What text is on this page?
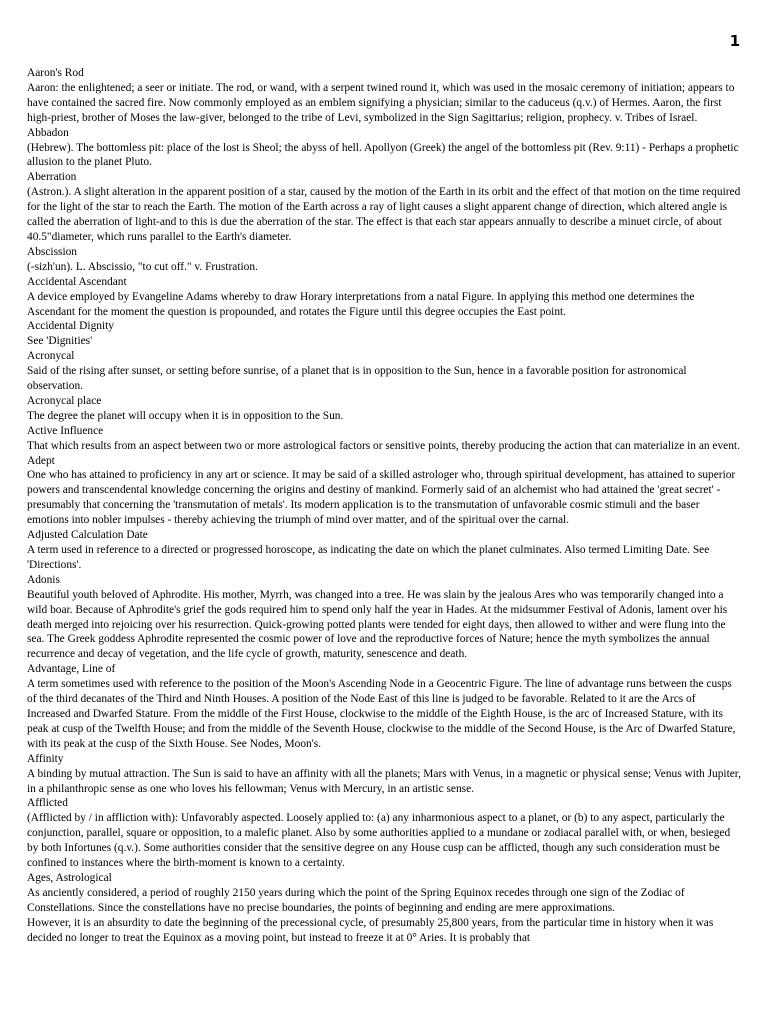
1

Aaron's Rod

Aaron: the enlightened; a seer or initiate. The rod, or wand, with a serpent twined round it, which was used in the mosaic ceremony of initiation; appears to have contained the sacred fire. Now commonly employed as an emblem signifying a physician; similar to the caduceus (q.v.) of Hermes. Aaron, the first high-priest, brother of Moses the law-giver, belonged to the tribe of Levi, symbolized in the Sign Sagittarius; religion, prophecy. v. Tribes of Israel.

Abbadon

(Hebrew). The bottomless pit: place of the lost is Sheol; the abyss of hell. Apollyon (Greek) the angel of the bottomless pit (Rev. 9:11) - Perhaps a prophetic allusion to the planet Pluto.

Aberration

(Astron.). A slight alteration in the apparent position of a star, caused by the motion of the Earth in its orbit and the effect of that motion on the time required for the light of the star to reach the Earth. The motion of the Earth across a ray of light causes a slight apparent change of direction, which altered angle is called the aberration of light-and to this is due the aberration of the star. The effect is that each star appears annually to describe a minuet circle, of about 40.5"diameter, which runs parallel to the Earth's diameter.

Abscission

(-sizh'un). L. Abscissio, "to cut off." v. Frustration.

Accidental Ascendant

A device employed by Evangeline Adams whereby to draw Horary interpretations from a natal Figure. In applying this method one determines the Ascendant for the moment the question is propounded, and rotates the Figure until this degree occupies the East point.

Accidental Dignity

See 'Dignities'

Acronycal

Said of the rising after sunset, or setting before sunrise, of a planet that is in opposition to the Sun, hence in a favorable position for astronomical observation.

Acronycal place

The degree the planet will occupy when it is in opposition to the Sun.

Active Influence

That which results from an aspect between two or more astrological factors or sensitive points, thereby producing the action that can materialize in an event.

Adept

One who has attained to proficiency in any art or science. It may be said of a skilled astrologer who, through spiritual development, has attained to superior powers and transcendental knowledge concerning the origins and destiny of mankind. Formerly said of an alchemist who had attained the 'great secret' - presumably that concerning the 'transmutation of metals'. Its modern application is to the transmutation of unfavorable cosmic stimuli and the baser emotions into nobler impulses - thereby achieving the triumph of mind over matter, and of the spiritual over the carnal.

Adjusted Calculation Date

A term used in reference to a directed or progressed horoscope, as indicating the date on which the planet culminates. Also termed Limiting Date. See 'Directions'.

Adonis

Beautiful youth beloved of Aphrodite. His mother, Myrrh, was changed into a tree. He was slain by the jealous Ares who was temporarily changed into a wild boar. Because of Aphrodite's grief the gods required him to spend only half the year in Hades. At the midsummer Festival of Adonis, lament over his death merged into rejoicing over his resurrection. Quick-growing potted plants were tended for eight days, then allowed to wither and were flung into the sea. The Greek goddess Aphrodite represented the cosmic power of love and the reproductive forces of Nature; hence the myth symbolizes the annual recurrence and decay of vegetation, and the life cycle of growth, maturity, senescence and death.

Advantage, Line of

A term sometimes used with reference to the position of the Moon's Ascending Node in a Geocentric Figure. The line of advantage runs between the cusps of the third decanates of the Third and Ninth Houses. A position of the Node East of this line is judged to be favorable. Related to it are the Arcs of Increased and Dwarfed Stature. From the middle of the First House, clockwise to the middle of the Eighth House, is the arc of Increased Stature, with its peak at cusp of the Twelfth House; and from the middle of the Seventh House, clockwise to the middle of the Second House, is the Arc of Dwarfed Stature, with its peak at the cusp of the Sixth House. See Nodes, Moon's.

Affinity

A binding by mutual attraction. The Sun is said to have an affinity with all the planets; Mars with Venus, in a magnetic or physical sense; Venus with Jupiter, in a philanthropic sense as one who loves his fellowman; Venus with Mercury, in an artistic sense.

Afflicted

(Afflicted by / in affliction with): Unfavorably aspected. Loosely applied to: (a) any inharmonious aspect to a planet, or (b) to any aspect, particularly the conjunction, parallel, square or opposition, to a malefic planet. Also by some authorities applied to a mundane or zodiacal parallel with, or when, besieged by both Infortunes (q.v.). Some authorities consider that the sensitive degree on any House cusp can be afflicted, though any such consideration must be confined to instances where the birth-moment is known to a certainty.

Ages, Astrological

As anciently considered, a period of roughly 2150 years during which the point of the Spring Equinox recedes through one sign of the Zodiac of Constellations. Since the constellations have no precise boundaries, the points of beginning and ending are mere approximations.

However, it is an absurdity to date the beginning of the precessional cycle, of presumably 25,800 years, from the particular time in history when it was decided no longer to treat the Equinox as a moving point, but instead to freeze it at 0° Aries. It is probably that
